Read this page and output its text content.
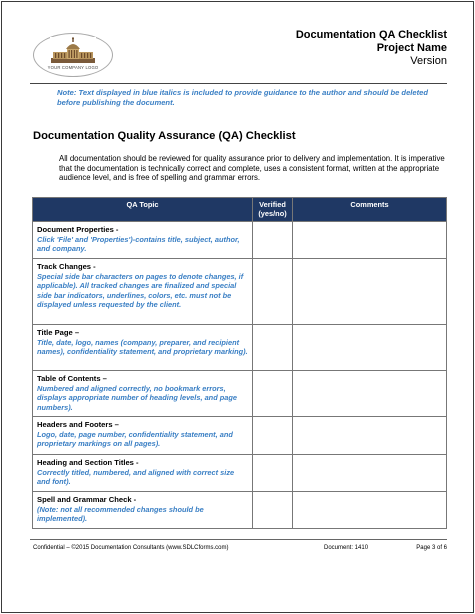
YOUR COMPANY LOGO
Documentation QA Checklist
Project Name
Version
Note: Text displayed in blue italics is included to provide guidance to the author and should be deleted before publishing the document.
Documentation Quality Assurance (QA) Checklist
All documentation should be reviewed for quality assurance prior to delivery and implementation. It is imperative that the documentation is technically correct and complete, uses a consistent format, written at the appropriate audience level, and is free of spelling and grammar errors.
QA Topic	Verified (yes/no)	Comments

Document Properties -
Click 'File' and 'Properties')-contains title, subject, author, and company.		

Track Changes -
Special side bar characters on pages to denote changes, if applicable). All tracked changes are finalized and special side bar indicators, underlines, colors, etc. must not be displayed unless requested by the client.		

Title Page –
Title, date, logo, names (company, preparer, and recipient names), confidentiality statement, and proprietary marking).		

Table of Contents –
Numbered and aligned correctly, no bookmark errors, displays appropriate number of heading levels, and page numbers).		

Headers and Footers –
Logo, date, page number, confidentiality statement, and proprietary markings on all pages).		

Heading and Section Titles -
Correctly titled, numbered, and aligned with correct size and font).		

Spell and Grammar Check -
(Note: not all recommended changes should be implemented).		

Confidential – ©2015 Documentation Consultants (www.SDLCforms.com)	Document: 1410	Page 3 of 6
